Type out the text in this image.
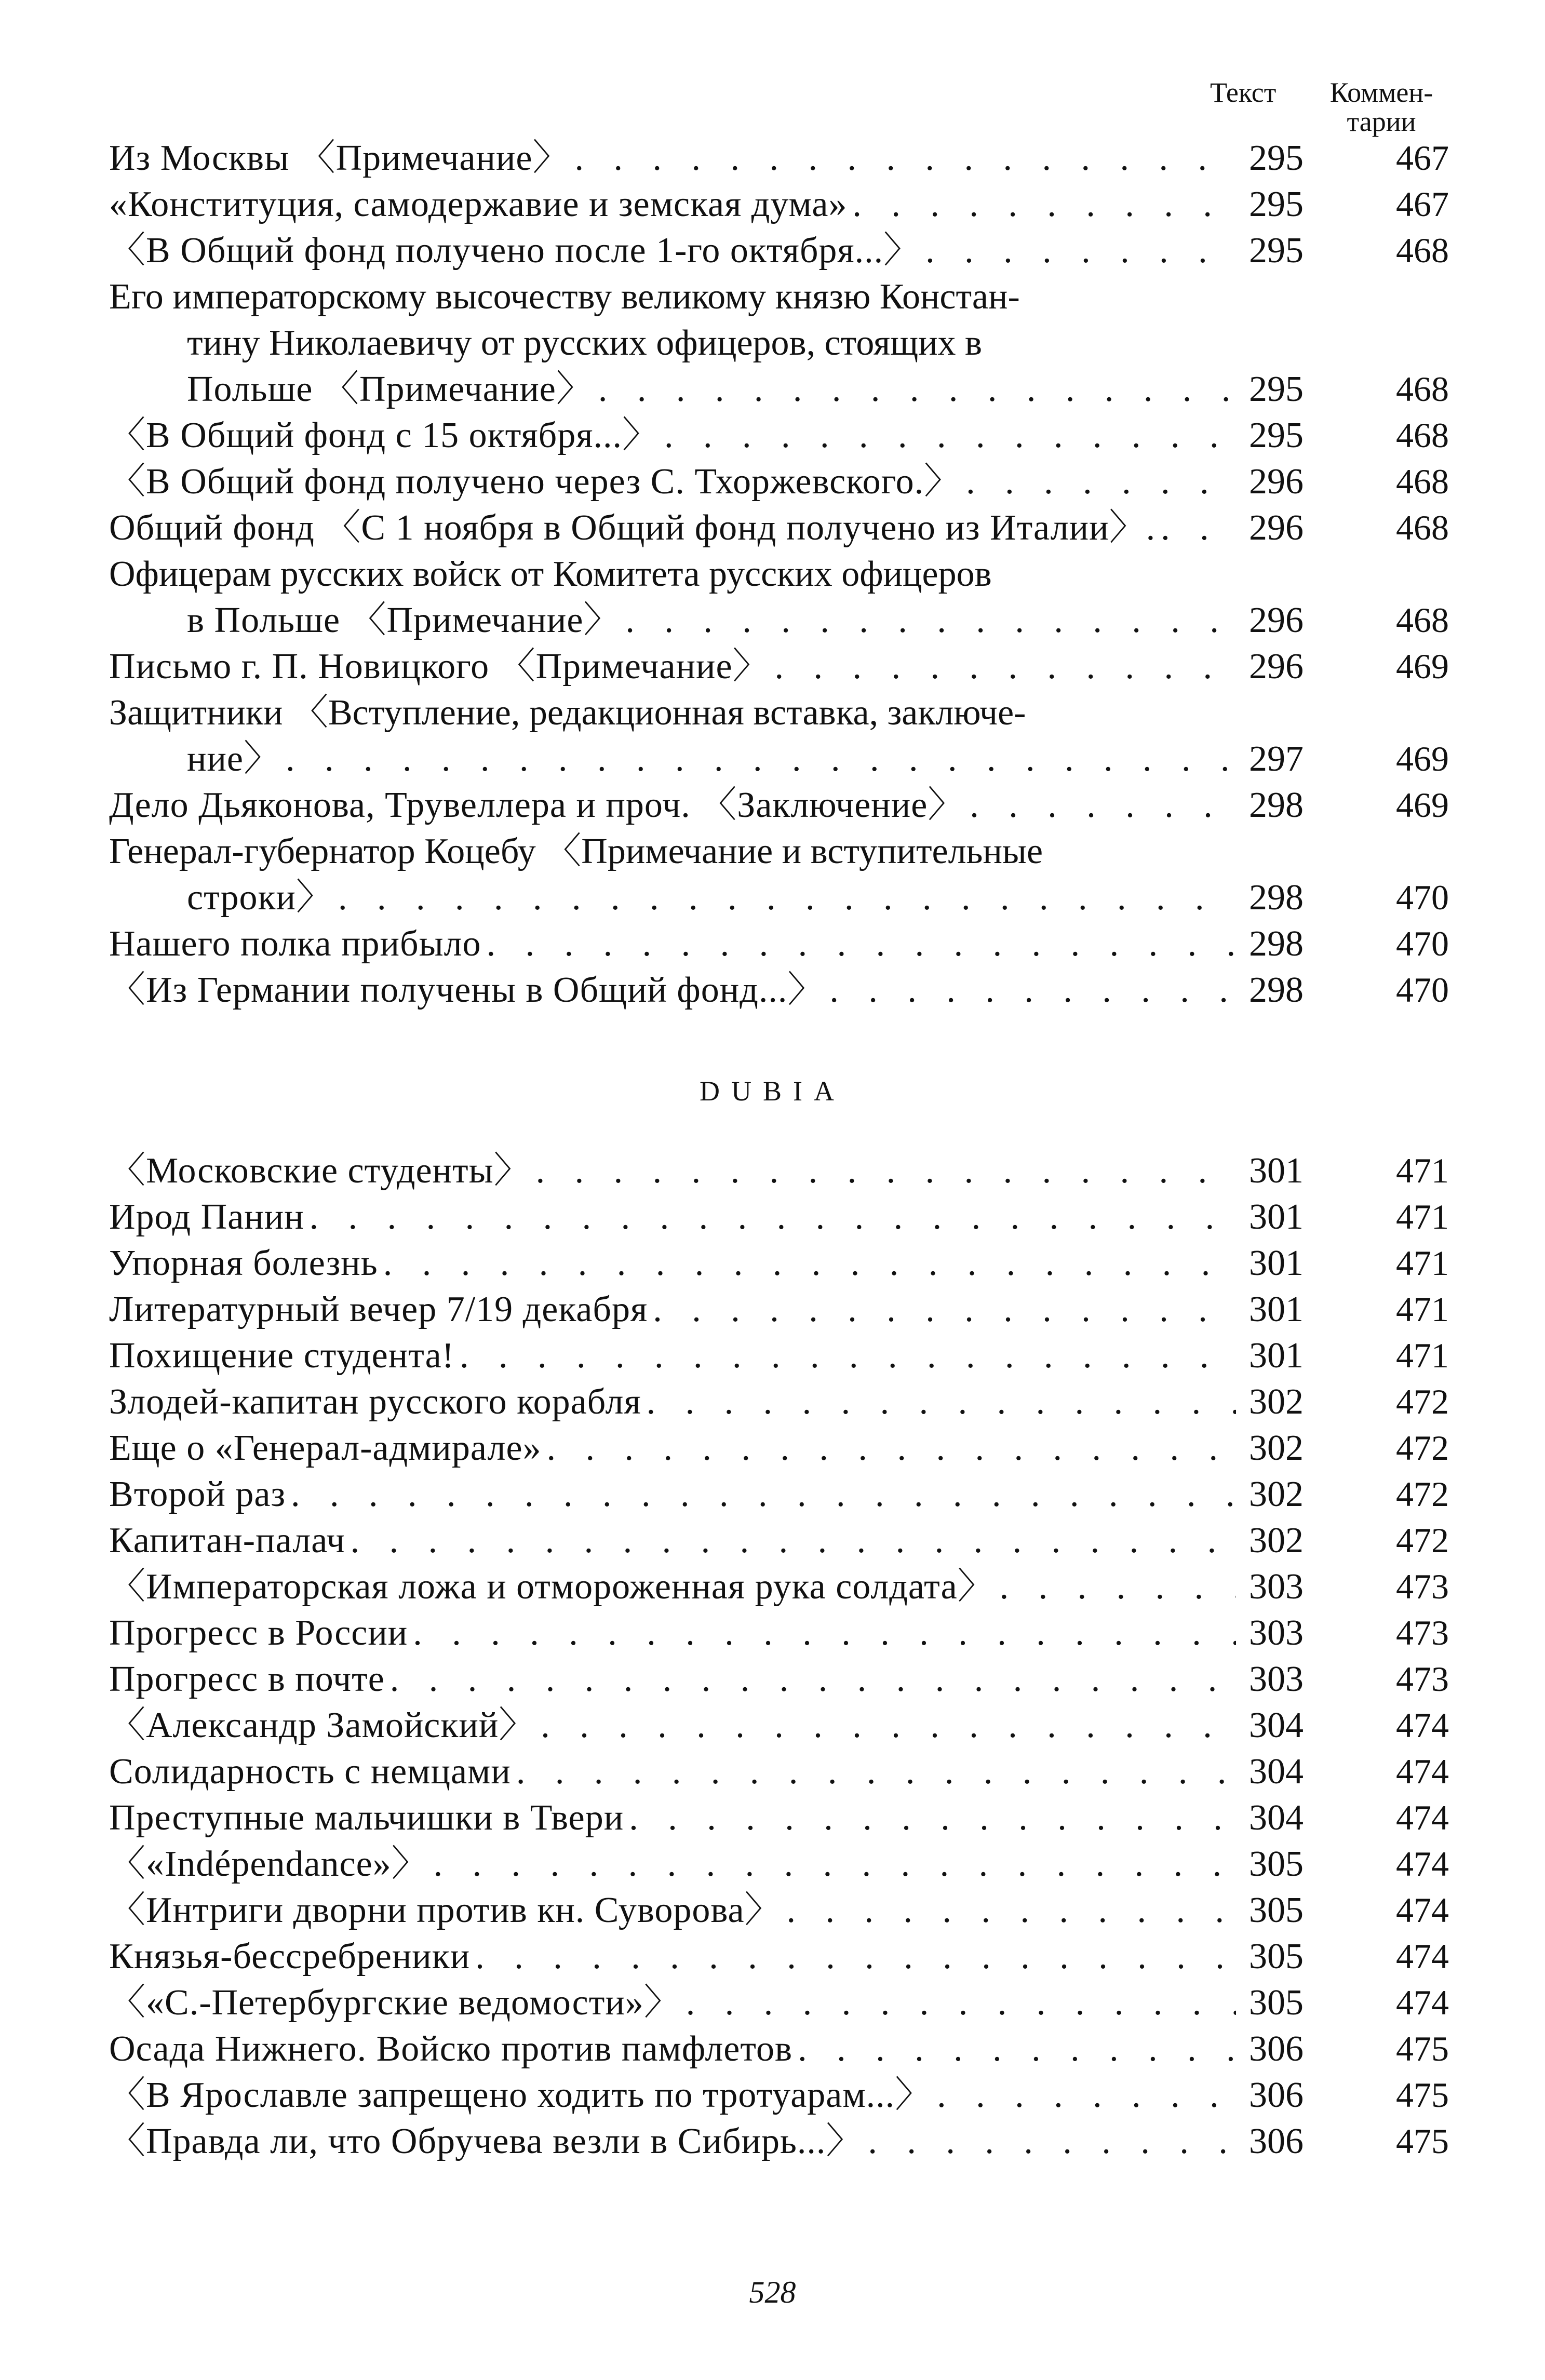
Текст	Коммен-
тарии
Из Москвы 〈Примечание〉 . . .	295	467
«Конституция, самодержавие и земская дума» . . .	295	467
〈В Общий фонд получено после 1-го октября...〉 . . .	295	468
Его императорскому высочеству великому князю Констан-
тину Николаевичу от русских офицеров, стоящих в
Польше 〈Примечание〉 . . .	295	468
〈В Общий фонд с 15 октября...〉 . . .	295	468
〈В Общий фонд получено через С. Тхоржевского.〉 . . .	296	468
Общий фонд 〈С 1 ноября в Общий фонд получено из Италии〉. . . .	296	468
Офицерам русских войск от Комитета русских офицеров
в Польше 〈Примечание〉 . . .	296	468
Письмо г. П. Новицкого 〈Примечание〉 . . .	296	469
Защитники 〈Вступление, редакционная вставка, заключе-
ние〉 . . .	297	469
Дело Дьяконова, Трувеллера и проч. 〈Заключение〉 . . .	298	469
Генерал-губернатор Коцебу 〈Примечание и вступительные
строки〉 . . .	298	470
Нашего полка прибыло . . .	298	470
〈Из Германии получены в Общий фонд...〉 . . .	298	470
DUBIA
〈Московские студенты〉 . . .	301	471
Ирод Панин . . .	301	471
Упорная болезнь . . .	301	471
Литературный вечер 7/19 декабря . . .	301	471
Похищение студента! . . .	301	471
Злодей-капитан русского корабля . . .	302	472
Еще о «Генерал-адмирале» . . .	302	472
Второй раз . . .	302	472
Капитан-палач . . .	302	472
〈Императорская ложа и отмороженная рука солдата〉 . . .	303	473
Прогресс в России . . .	303	473
Прогресс в почте . . .	303	473
〈Александр Замойский〉 . . .	304	474
Солидарность с немцами . . .	304	474
Преступные мальчишки в Твери . . .	304	474
〈«Indépendance»〉 . . .	305	474
〈Интриги дворни против кн. Суворова〉 . . .	305	474
Князья-бессребреники . . .	305	474
〈«С.-Петербургские ведомости»〉 . . .	305	474
Осада Нижнего. Войско против памфлетов . . .	306	475
〈В Ярославле запрещено ходить по тротуарам...〉 . . .	306	475
〈Правда ли, что Обручева везли в Сибирь...〉 . . .	306	475
528
